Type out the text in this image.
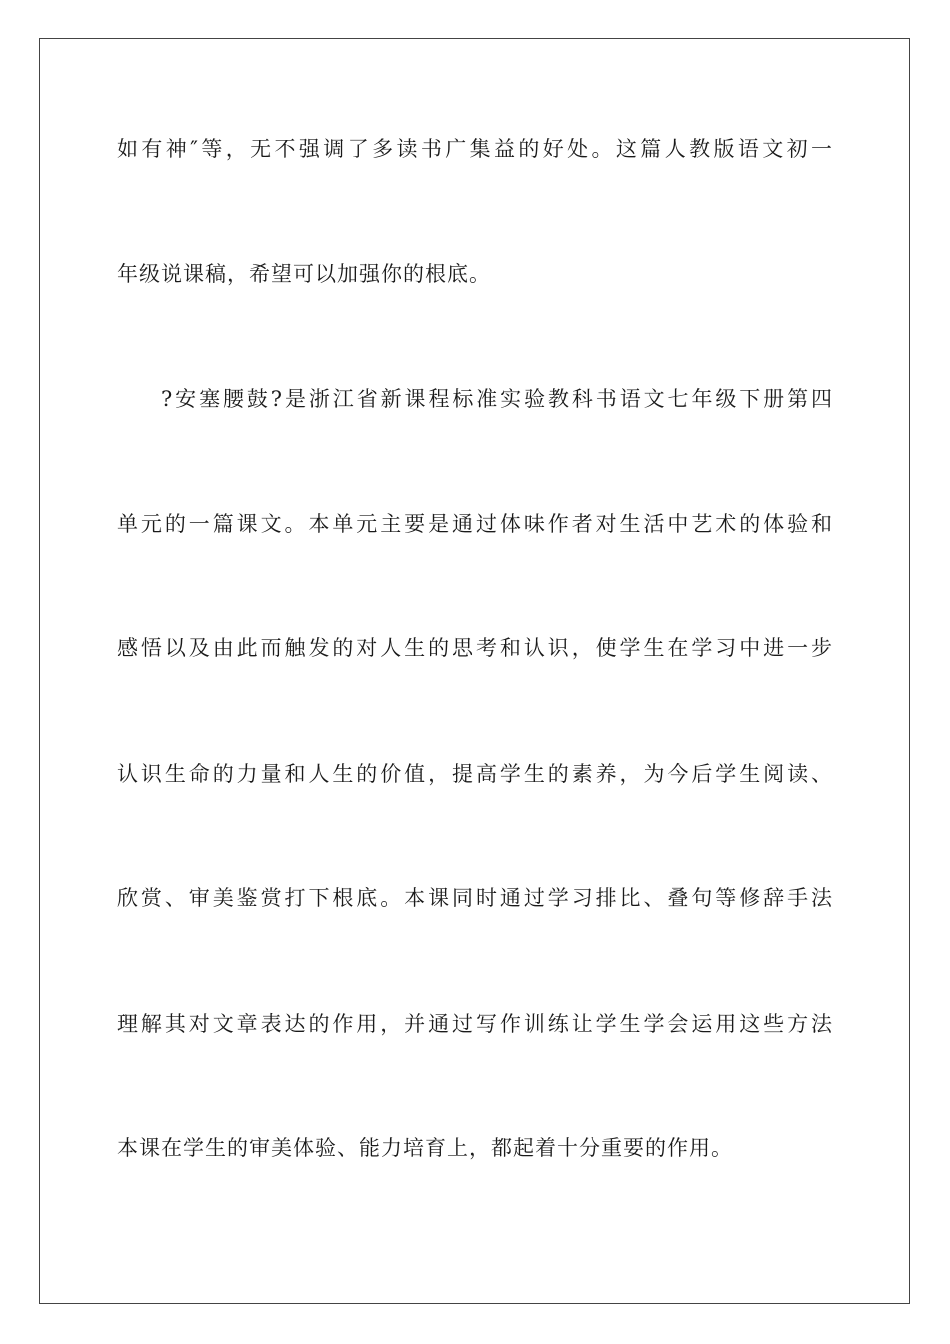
如有神″等，无不强调了多读书广集益的好处。这篇人教版语文初一
年级说课稿，希望可以加强你的根底。
?安塞腰鼓?是浙江省新课程标准实验教科书语文七年级下册第四
单元的一篇课文。本单元主要是通过体味作者对生活中艺术的体验和
感悟以及由此而触发的对人生的思考和认识，使学生在学习中进一步
认识生命的力量和人生的价值，提高学生的素养，为今后学生阅读、
欣赏、审美鉴赏打下根底。本课同时通过学习排比、叠句等修辞手法
理解其对文章表达的作用，并通过写作训练让学生学会运用这些方法
本课在学生的审美体验、能力培育上，都起着十分重要的作用。
